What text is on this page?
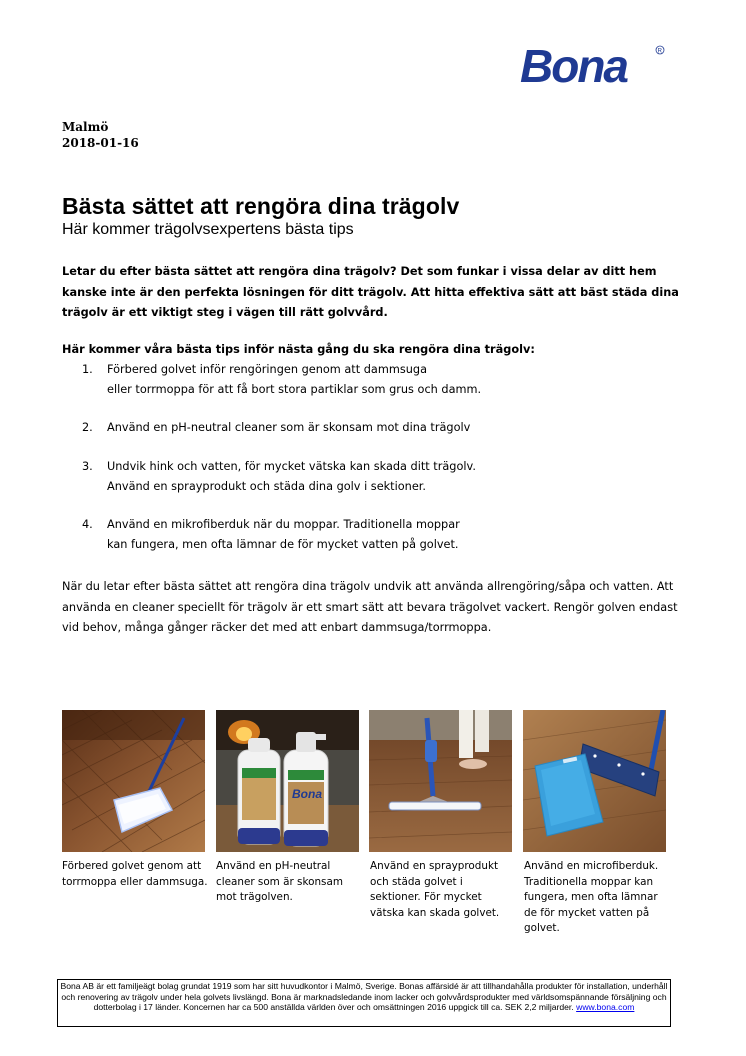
Bona	R
Malmö
2018-01-16
Bästa sättet att rengöra dina trägolv
Här kommer trägolvsexpertens bästa tips
Letar du efter bästa sättet att rengöra dina trägolv? Det som funkar i vissa delar av ditt hem kanske inte är den perfekta lösningen för ditt trägolv. Att hitta effektiva sätt att bäst städa dina trägolv är ett viktigt steg i vägen till rätt golvvård.
Här kommer våra bästa tips inför nästa gång du ska rengöra dina trägolv:
1.	Förbered golvet inför rengöringen genom att dammsuga
eller torrmoppa för att få bort stora partiklar som grus och damm.
2.	Använd en pH-neutral cleaner som är skonsam mot dina trägolv
3.	Undvik hink och vatten, för mycket vätska kan skada ditt trägolv.
Använd en sprayprodukt och städa dina golv i sektioner.
4.	Använd en mikrofiberduk när du moppar. Traditionella moppar
kan fungera, men ofta lämnar de för mycket vatten på golvet.
När du letar efter bästa sättet att rengöra dina trägolv undvik att använda allrengöring/såpa och vatten. Att använda en cleaner speciellt för trägolv är ett smart sätt att bevara trägolvet vackert. Rengör golven endast vid behov, många gånger räcker det med att enbart dammsuga/torrmoppa.
Bona
Förbered golvet genom att torrmoppa eller dammsuga.
Använd en pH-neutral cleaner som är skonsam mot trägolven.
Använd en sprayprodukt och städa golvet i sektioner. För mycket vätska kan skada golvet.
Använd en microfiberduk. Traditionella moppar kan fungera, men ofta lämnar de för mycket vatten på golvet.
Bona AB är ett familjeägt bolag grundat 1919 som har sitt huvudkontor i Malmö, Sverige. Bonas affärsidé är att tillhandahålla produkter för installation, underhåll och renovering av trägolv under hela golvets livslängd. Bona är marknadsledande inom lacker och golvvårdsprodukter med världsomspännande försäljning och dotterbolag i 17 länder. Koncernen har ca 500 anställda världen över och omsättningen 2016 uppgick till ca. SEK 2,2 miljarder. www.bona.com
